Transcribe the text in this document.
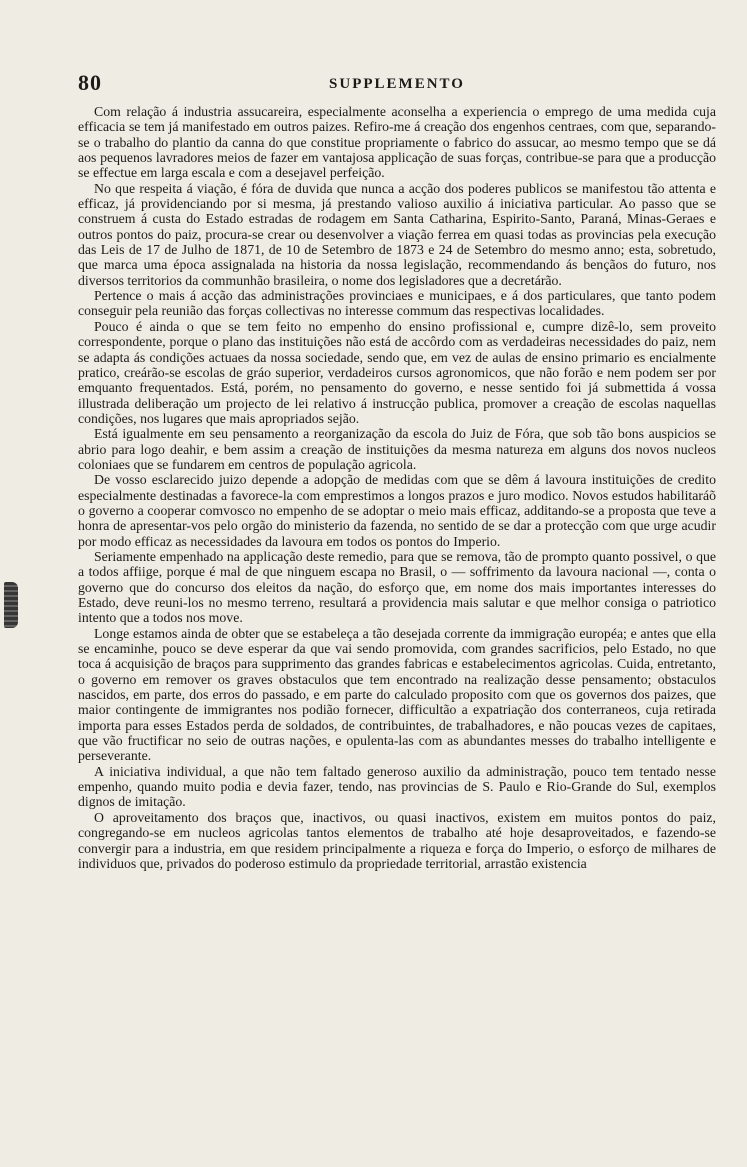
80	SUPPLEMENTO

Com relação á industria assucareira, especialmente aconselha a experiencia o emprego de uma medida cuja efficacia se tem já manifestado em outros paizes. Refiro-me á creação dos engenhos centraes, com que, separando-se o trabalho do plantio da canna do que constitue propriamente o fabrico do assucar, ao mesmo tempo que se dá aos pequenos lavradores meios de fazer em vantajosa applicação de suas forças, contribue-se para que a producção se effectue em larga escala e com a desejavel perfeição.

No que respeita á viação, é fóra de duvida que nunca a acção dos poderes publicos se manifestou tão attenta e efficaz, já providenciando por si mesma, já prestando valioso auxilio á iniciativa particular. Ao passo que se construem á custa do Estado estradas de rodagem em Santa Catharina, Espirito-Santo, Paraná, Minas-Geraes e outros pontos do paiz, procura-se crear ou desenvolver a viação ferrea em quasi todas as provincias pela execução das Leis de 17 de Julho de 1871, de 10 de Setembro de 1873 e 24 de Setembro do mesmo anno; esta, sobretudo, que marca uma época assignalada na historia da nossa legislação, recommendando ás bençãos do futuro, nos diversos territorios da communhão brasileira, o nome dos legisladores que a decretárão.

Pertence o mais á acção das administrações provinciaes e municipaes, e á dos particulares, que tanto podem conseguir pela reunião das forças collectivas no interesse commum das respectivas localidades.

Pouco é ainda o que se tem feito no empenho do ensino profissional e, cumpre dizê-lo, sem proveito correspondente, porque o plano das instituições não está de accôrdo com as verdadeiras necessidades do paiz, nem se adapta ás condições actuaes da nossa sociedade, sendo que, em vez de aulas de ensino primario es encialmente pratico, creárão-se escolas de gráo superior, verdadeiros cursos agronomicos, que não forão e nem podem ser por emquanto frequentados. Está, porém, no pensamento do governo, e nesse sentido foi já submettida á vossa illustrada deliberação um projecto de lei relativo á instrucção publica, promover a creação de escolas naquellas condições, nos lugares que mais apropriados sejão.

Está igualmente em seu pensamento a reorganização da escola do Juiz de Fóra, que sob tão bons auspicios se abrio para logo deahir, e bem assim a creação de instituições da mesma natureza em alguns dos novos nucleos coloniaes que se fundarem em centros de população agricola.

De vosso esclarecido juizo depende a adopção de medidas com que se dêm á lavoura instituições de credito especialmente destinadas a favorece-la com emprestimos a longos prazos e juro modico. Novos estudos habilitaráõ o governo a cooperar comvosco no empenho de se adoptar o meio mais efficaz, additando-se a proposta que teve a honra de apresentar-vos pelo orgão do ministerio da fazenda, no sentido de se dar a protecção com que urge acudir por modo efficaz as necessidades da lavoura em todos os pontos do Imperio.

Seriamente empenhado na applicação deste remedio, para que se remova, tão de prompto quanto possivel, o que a todos affiige, porque é mal de que ninguem escapa no Brasil, o — soffrimento da lavoura nacional —, conta o governo que do concurso dos eleitos da nação, do esforço que, em nome dos mais importantes interesses do Estado, deve reuni-los no mesmo terreno, resultará a providencia mais salutar e que melhor consiga o patriotico intento que a todos nos move.

Longe estamos ainda de obter que se estabeleça a tão desejada corrente da immigração européa; e antes que ella se encaminhe, pouco se deve esperar da que vai sendo promovida, com grandes sacrificios, pelo Estado, no que toca á acquisição de braços para supprimento das grandes fabricas e estabelecimentos agricolas. Cuida, entretanto, o governo em remover os graves obstaculos que tem encontrado na realização desse pensamento; obstaculos nascidos, em parte, dos erros do passado, e em parte do calculado proposito com que os governos dos paizes, que maior contingente de immigrantes nos podião fornecer, difficultão a expatriação dos conterraneos, cuja retirada importa para esses Estados perda de soldados, de contribuintes, de trabalhadores, e não poucas vezes de capitaes, que vão fructificar no seio de outras nações, e opulenta-las com as abundantes messes do trabalho intelligente e perseverante.

A iniciativa individual, a que não tem faltado generoso auxilio da administração, pouco tem tentado nesse empenho, quando muito podia e devia fazer, tendo, nas provincias de S. Paulo e Rio-Grande do Sul, exemplos dignos de imitação.

O aproveitamento dos braços que, inactivos, ou quasi inactivos, existem em muitos pontos do paiz, congregando-se em nucleos agricolas tantos elementos de trabalho até hoje desaproveitados, e fazendo-se convergir para a industria, em que residem principalmente a riqueza e força do Imperio, o esforço de milhares de individuos que, privados do poderoso estimulo da propriedade territorial, arrastão existencia
